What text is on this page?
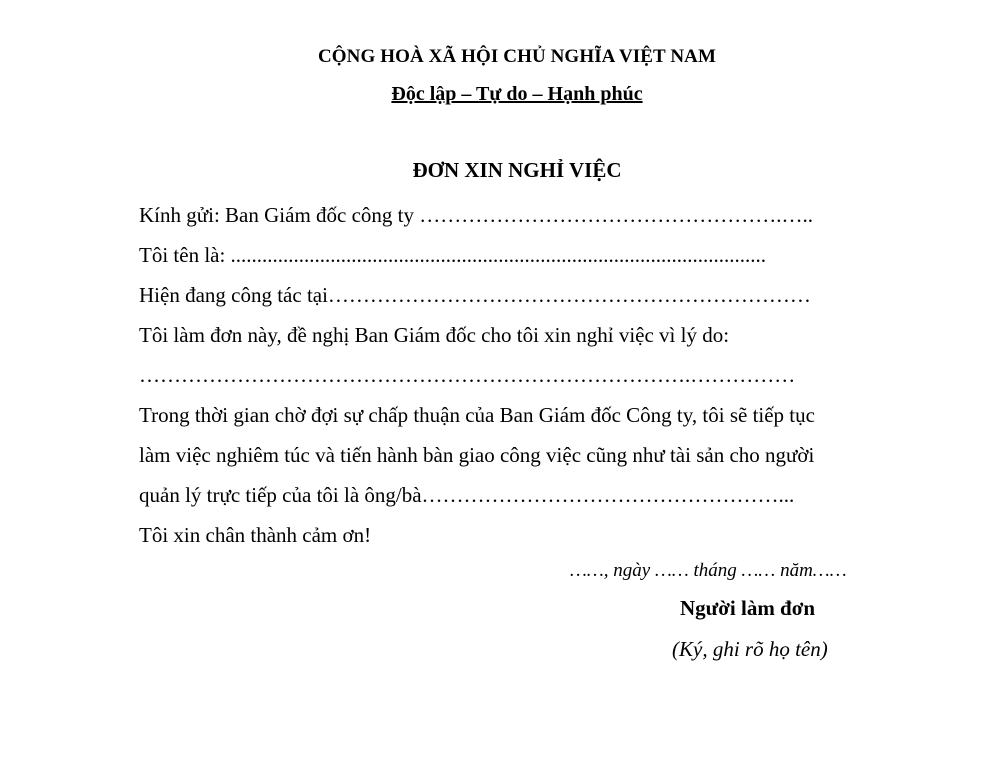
CỘNG HOÀ XÃ HỘI CHỦ NGHĨA VIỆT NAM
Độc lập – Tự do – Hạnh phúc
ĐƠN XIN NGHỈ VIỆC
Kính gửi: Ban Giám đốc công ty …………………………………………….…..
Tôi tên là: ......................................................................................................
Hiện đang công tác tại……………………………………………………………
Tôi làm đơn này, đề nghị Ban Giám đốc cho tôi xin nghỉ việc vì lý do:
…………………………………………………………………….……………
Trong thời gian chờ đợi sự chấp thuận của Ban Giám đốc Công ty, tôi sẽ tiếp tục
làm việc nghiêm túc và tiến hành bàn giao công việc cũng như tài sản cho người
quản lý trực tiếp của tôi là ông/bà……………………………………………...
Tôi xin chân thành cảm ơn!
……, ngày …… tháng …… năm……
Người làm đơn
(Ký, ghi rõ họ tên)
